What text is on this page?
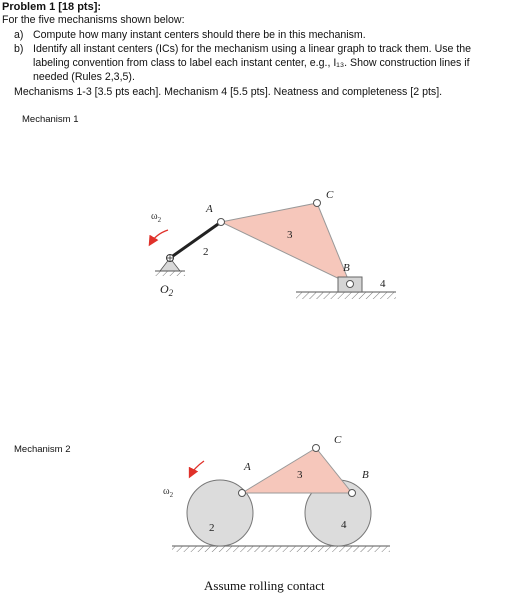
Problem 1 [18 pts]:
For the five mechanisms shown below:
a) Compute how many instant centers should there be in this mechanism.
b) Identify all instant centers (ICs) for the mechanism using a linear graph to track them. Use the
labeling convention from class to label each instant center, e.g., I₁₃. Show construction lines if
needed (Rules 2,3,5).
Mechanisms 1-3 [3.5 pts each]. Mechanism 4 [5.5 pts]. Neatness and completeness [2 pts].
Mechanism 1
Mechanism 2
$\omega_2$
$O_2$
2
A
3
C
B
4
$\omega_2$
2
A
3
C
B
4
Assume rolling contact
